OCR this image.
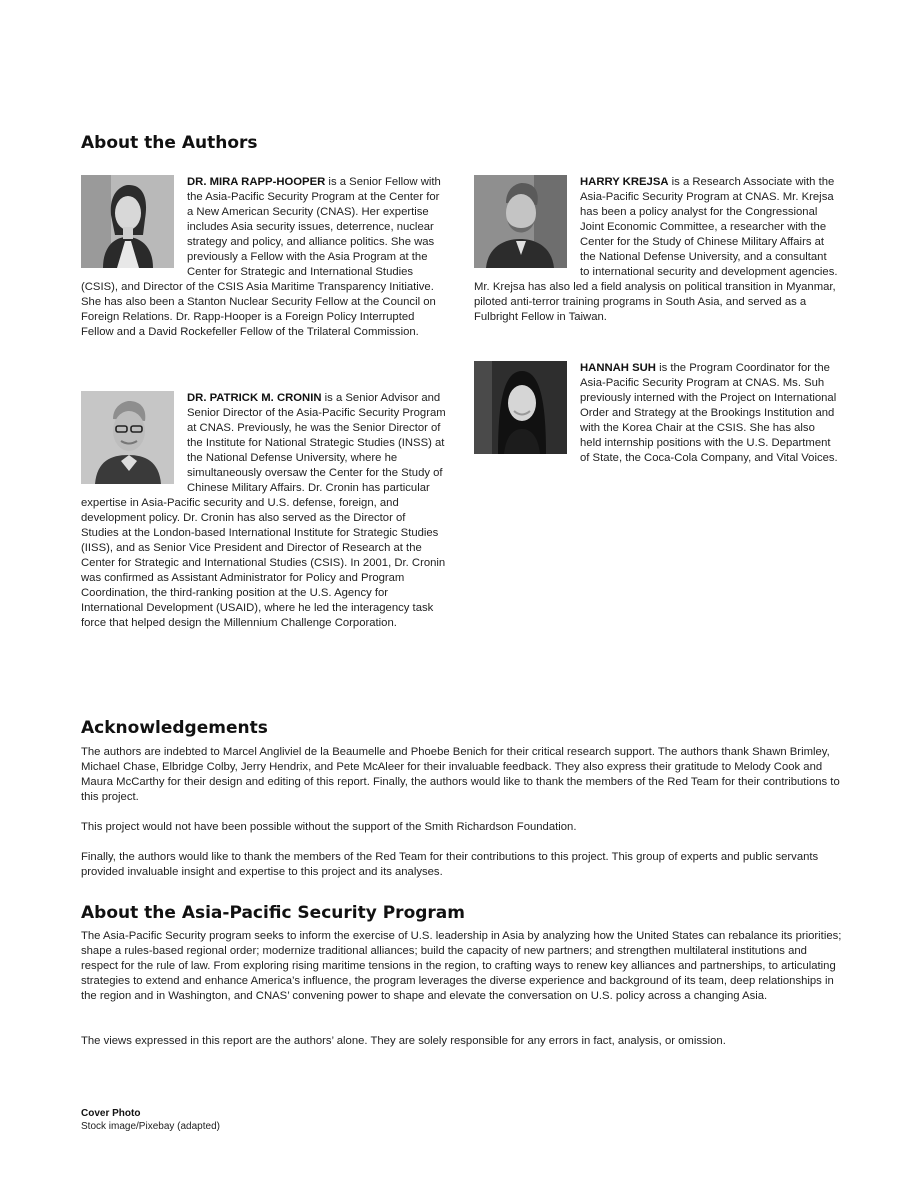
About the Authors

DR. MIRA RAPP-HOOPER is a Senior Fellow with the Asia-Pacific Security Program at the Center for a New American Security (CNAS). Her expertise includes Asia security issues, deterrence, nuclear strategy and policy, and alliance politics. She was previously a Fellow with the Asia Program at the Center for Strategic and International Studies (CSIS), and Director of the CSIS Asia Maritime Transparency Initiative. She has also been a Stanton Nuclear Security Fellow at the Council on Foreign Relations. Dr. Rapp-Hooper is a Foreign Policy Interrupted Fellow and a David Rockefeller Fellow of the Trilateral Commission.

DR. PATRICK M. CRONIN is a Senior Advisor and Senior Director of the Asia-Pacific Security Program at CNAS. Previously, he was the Senior Director of the Institute for National Strategic Studies (INSS) at the National Defense University, where he simultaneously oversaw the Center for the Study of Chinese Military Affairs. Dr. Cronin has particular expertise in Asia-Pacific security and U.S. defense, foreign, and development policy. Dr. Cronin has also served as the Director of Studies at the London-based International Institute for Strategic Studies (IISS), and as Senior Vice President and Director of Research at the Center for Strategic and International Studies (CSIS). In 2001, Dr. Cronin was confirmed as Assistant Administrator for Policy and Program Coordination, the third-ranking position at the U.S. Agency for International Development (USAID), where he led the interagency task force that helped design the Millennium Challenge Corporation.

HARRY KREJSA is a Research Associate with the Asia-Pacific Security Program at CNAS. Mr. Krejsa has been a policy analyst for the Congressional Joint Economic Committee, a researcher with the Center for the Study of Chinese Military Affairs at the National Defense University, and a consultant to international security and development agencies. Mr. Krejsa has also led a field analysis on political transition in Myanmar, piloted anti-terror training programs in South Asia, and served as a Fulbright Fellow in Taiwan.

HANNAH SUH is the Program Coordinator for the Asia-Pacific Security Program at CNAS. Ms. Suh previously interned with the Project on International Order and Strategy at the Brookings Institution and with the Korea Chair at the CSIS. She has also held internship positions with the U.S. Department of State, the Coca-Cola Company, and Vital Voices.

Acknowledgements

The authors are indebted to Marcel Angliviel de la Beaumelle and Phoebe Benich for their critical research support. The authors thank Shawn Brimley, Michael Chase, Elbridge Colby, Jerry Hendrix, and Pete McAleer for their invaluable feedback. They also express their gratitude to Melody Cook and Maura McCarthy for their design and editing of this report. Finally, the authors would like to thank the members of the Red Team for their contributions to this project.

This project would not have been possible without the support of the Smith Richardson Foundation.

Finally, the authors would like to thank the members of the Red Team for their contributions to this project. This group of experts and public servants provided invaluable insight and expertise to this project and its analyses.

About the Asia-Pacific Security Program

The Asia-Pacific Security program seeks to inform the exercise of U.S. leadership in Asia by analyzing how the United States can rebalance its priorities; shape a rules-based regional order; modernize traditional alliances; build the capacity of new partners; and strengthen multilateral institutions and respect for the rule of law. From exploring rising maritime tensions in the region, to crafting ways to renew key alliances and partnerships, to articulating strategies to extend and enhance America’s influence, the program leverages the diverse experience and background of its team, deep relationships in the region and in Washington, and CNAS’ convening power to shape and elevate the conversation on U.S. policy across a changing Asia.

The views expressed in this report are the authors’ alone. They are solely responsible for any errors in fact, analysis, or omission.

Cover Photo

Stock image/Pixebay (adapted)
